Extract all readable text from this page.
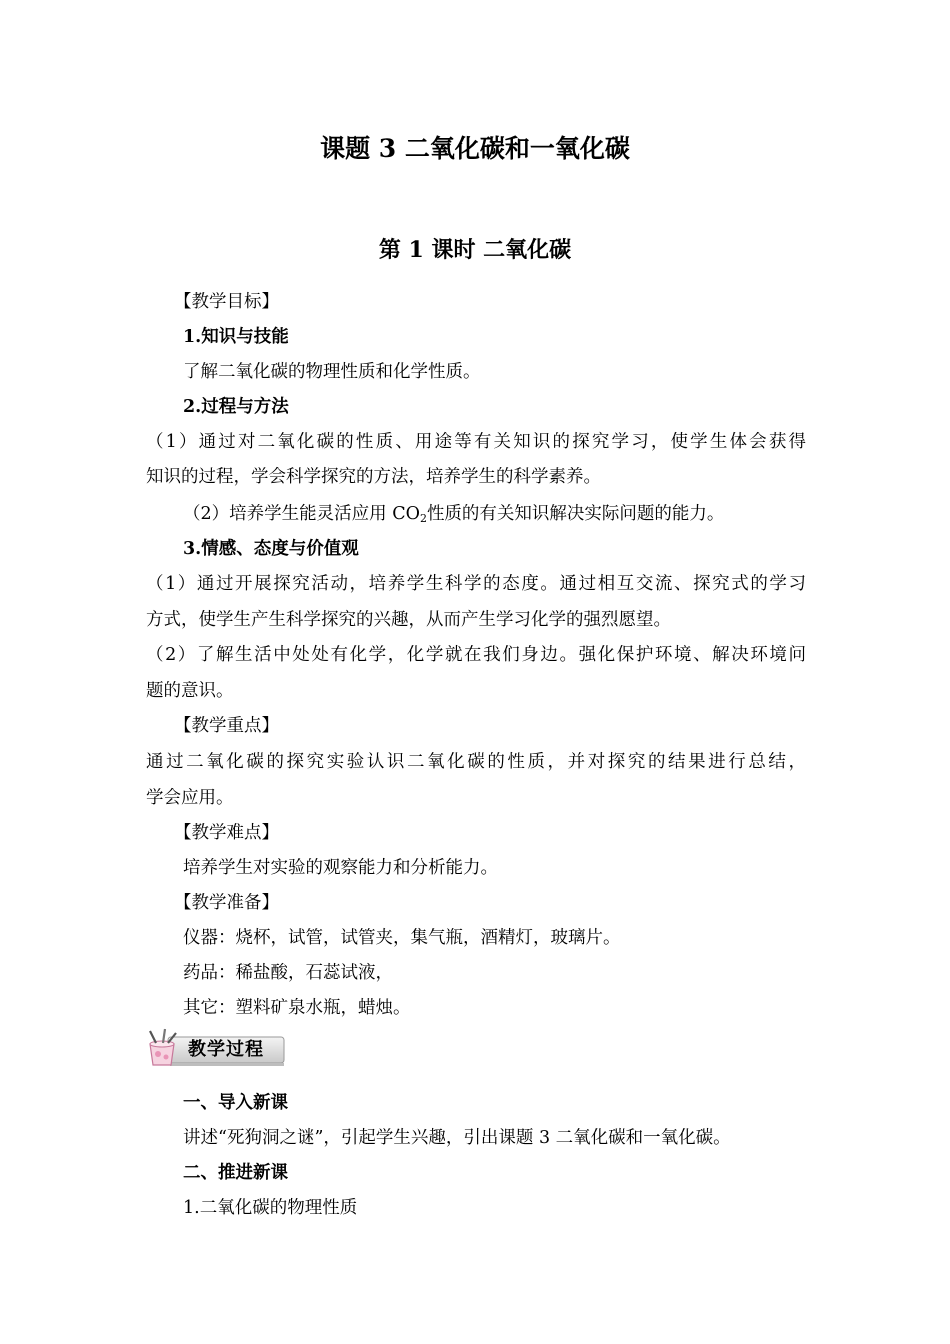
课题 3 二氧化碳和一氧化碳
第 1 课时 二氧化碳
【教学目标】
1.知识与技能
了解二氧化碳的物理性质和化学性质。
2.过程与方法
（1）通过对二氧化碳的性质、用途等有关知识的探究学习，使学生体会获得
知识的过程，学会科学探究的方法，培养学生的科学素养。
（2）培养学生能灵活应用 $CO_2$性质的有关知识解决实际问题的能力。
3.情感、态度与价值观
（1）通过开展探究活动，培养学生科学的态度。通过相互交流、探究式的学习
方式，使学生产生科学探究的兴趣，从而产生学习化学的强烈愿望。
（2）了解生活中处处有化学，化学就在我们身边。强化保护环境、解决环境问
题的意识。
【教学重点】
通过二氧化碳的探究实验认识二氧化碳的性质，并对探究的结果进行总结，
学会应用。
【教学难点】
培养学生对实验的观察能力和分析能力。
【教学准备】
仪器：烧杯，试管，试管夹，集气瓶，酒精灯，玻璃片。
药品：稀盐酸，石蕊试液，
其它：塑料矿泉水瓶，蜡烛。
教学过程
一、导入新课
讲述“死狗洞之谜”，引起学生兴趣，引出课题 3 二氧化碳和一氧化碳。
二、推进新课
1.二氧化碳的物理性质
